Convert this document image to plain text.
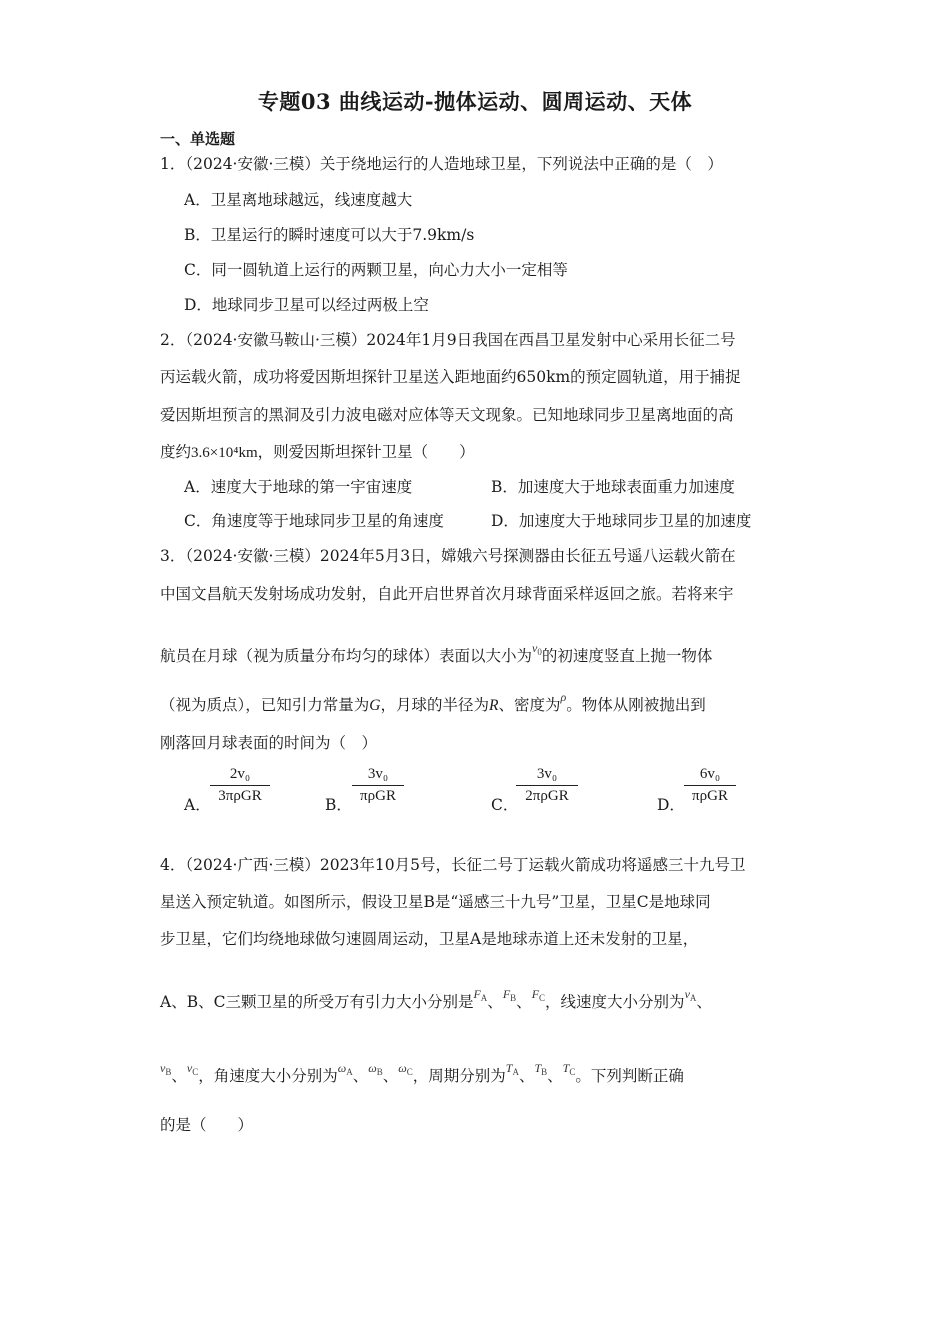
专题03 曲线运动-抛体运动、圆周运动、天体
一、单选题
1．（2024·安徽·三模）关于绕地运行的人造地球卫星，下列说法中正确的是（　）
A．卫星离地球越远，线速度越大
B．卫星运行的瞬时速度可以大于7.9km/s
C．同一圆轨道上运行的两颗卫星，向心力大小一定相等
D．地球同步卫星可以经过两极上空
2．（2024·安徽马鞍山·三模）2024年1月9日我国在西昌卫星发射中心采用长征二号
丙运载火箭，成功将爱因斯坦探针卫星送入距地面约650km的预定圆轨道，用于捕捉
爱因斯坦预言的黑洞及引力波电磁对应体等天文现象。已知地球同步卫星离地面的高
度约3.6×10⁴km，则爱因斯坦探针卫星（　　）
A．速度大于地球的第一宇宙速度	B．加速度大于地球表面重力加速度
C．角速度等于地球同步卫星的角速度	D．加速度大于地球同步卫星的加速度
3．（2024·安徽·三模）2024年5月3日，嫦娥六号探测器由长征五号遥八运载火箭在
中国文昌航天发射场成功发射，自此开启世界首次月球背面采样返回之旅。若将来宇
航员在月球（视为质量分布均匀的球体）表面以大小为$^{v_0}$的初速度竖直上抛一物体
（视为质点），已知引力常量为G，月球的半径为R、密度为$^\rho$。物体从刚被抛出到
刚落回月球表面的时间为（　）
A．
2v₀
3πρGR	B．
3v₀
πρGR	C．
3v₀
2πρGR	D．
6v₀
πρGR
4．（2024·广西·三模）2023年10月5号，长征二号丁运载火箭成功将遥感三十九号卫
星送入预定轨道。如图所示，假设卫星B是“遥感三十九号”卫星，卫星C是地球同
步卫星，它们均绕地球做匀速圆周运动，卫星A是地球赤道上还未发射的卫星，
A、B、C三颗卫星的所受万有引力大小分别是$^{F_A}$、$^{F_B}$、$^{F_C}$，线速度大小分别为$^{v_A}$、
$^{v_B}$、$^{v_C}$，角速度大小分别为$^{\omega_A}$、$^{\omega_B}$、$^{\omega_C}$，周期分别为$^{T_A}$、$^{T_B}$、$^{T_C}$。下列判断正确
的是（　　）
